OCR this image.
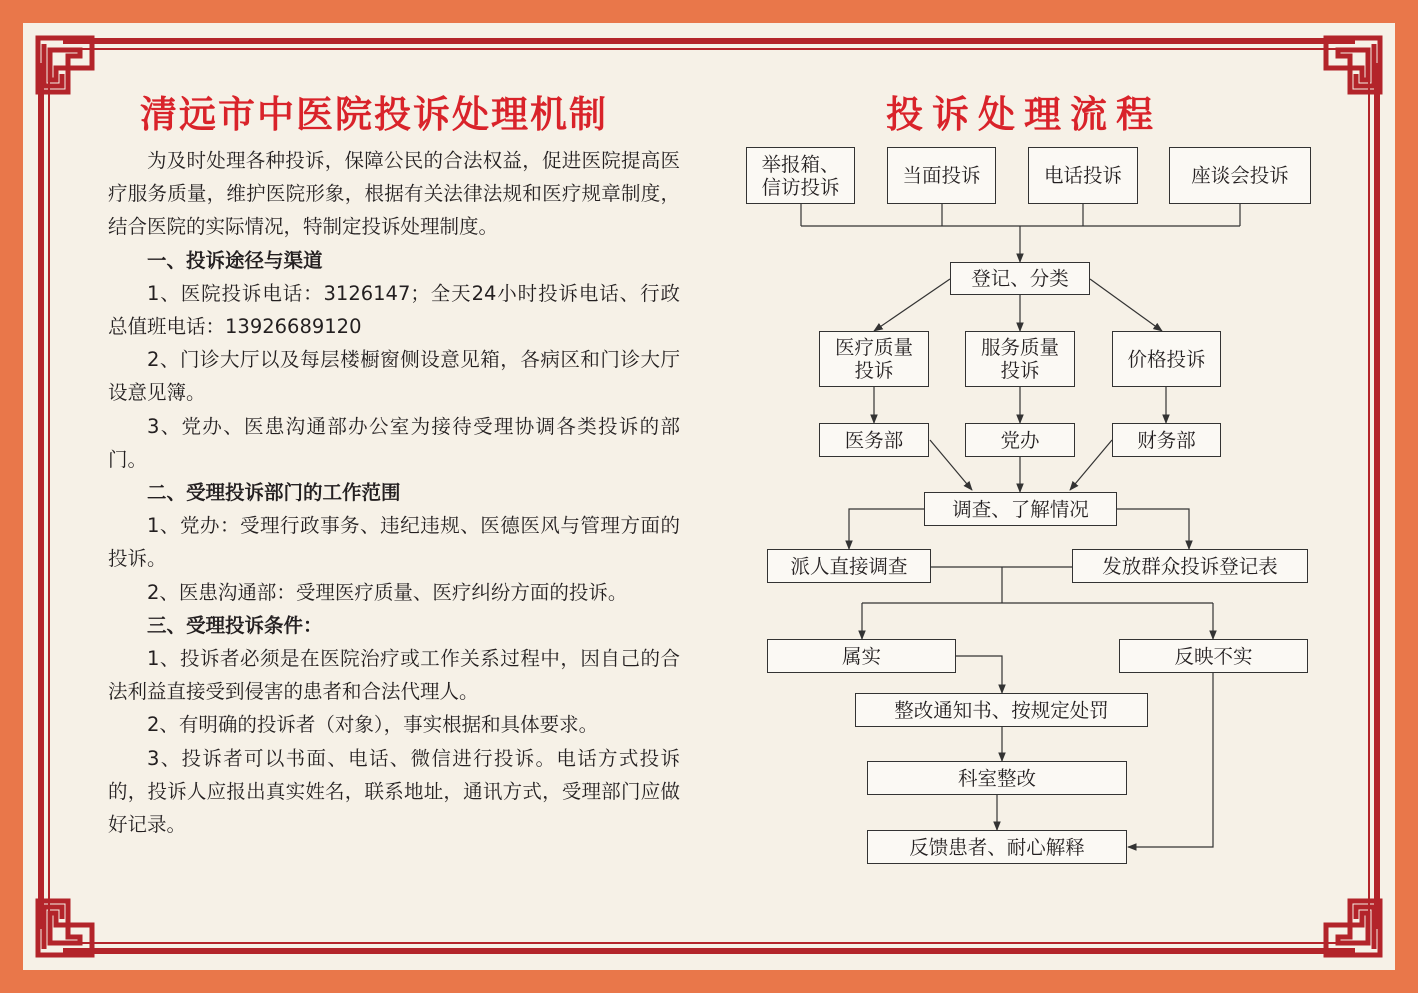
清远市中医院投诉处理机制

为及时处理各种投诉，保障公民的合法权益，促进医院提高医疗服务质量，维护医院形象，根据有关法律法规和医疗规章制度，结合医院的实际情况，特制定投诉处理制度。

一、投诉途径与渠道

1、医院投诉电话：3126147；全天24小时投诉电话、行政总值班电话：13926689120

2、门诊大厅以及每层楼橱窗侧设意见箱，各病区和门诊大厅设意见簿。

3、党办、医患沟通部办公室为接待受理协调各类投诉的部门。

二、受理投诉部门的工作范围

1、党办：受理行政事务、违纪违规、医德医风与管理方面的投诉。

2、医患沟通部：受理医疗质量、医疗纠纷方面的投诉。

三、受理投诉条件：

1、投诉者必须是在医院治疗或工作关系过程中，因自己的合法利益直接受到侵害的患者和合法代理人。

2、有明确的投诉者（对象），事实根据和具体要求。

3、投诉者可以书面、电话、微信进行投诉。电话方式投诉的，投诉人应报出真实姓名，联系地址，通讯方式，受理部门应做好记录。

投诉处理流程
举报箱、
信访投诉	当面投诉	电话投诉	座谈会投诉
登记、分类
医疗质量
投诉
服务质量
投诉	价格投诉
医务部	党办	财务部
调查、了解情况
派人直接调查	发放群众投诉登记表
属实	反映不实
整改通知书、按规定处罚
科室整改
反馈患者、耐心解释
